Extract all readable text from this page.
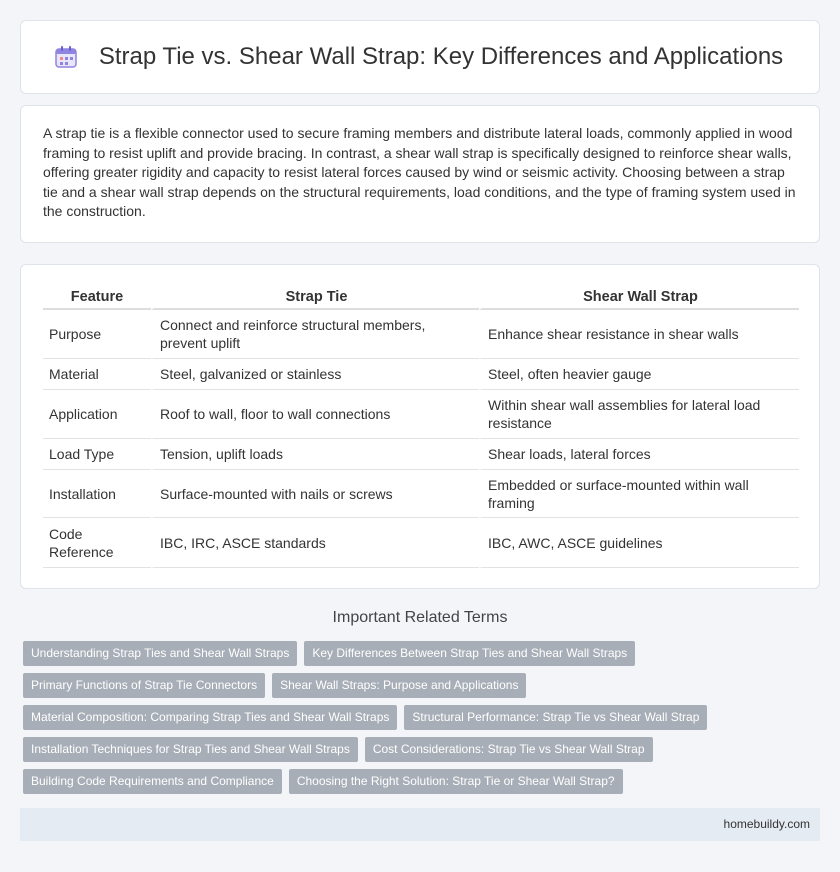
Strap Tie vs. Shear Wall Strap: Key Differences and Applications

A strap tie is a flexible connector used to secure framing members and distribute lateral loads, commonly applied in wood framing to resist uplift and provide bracing. In contrast, a shear wall strap is specifically designed to reinforce shear walls, offering greater rigidity and capacity to resist lateral forces caused by wind or seismic activity. Choosing between a strap tie and a shear wall strap depends on the structural requirements, load conditions, and the type of framing system used in the construction.

Feature	Strap Tie	Shear Wall Strap
Purpose	Connect and reinforce structural members, prevent uplift	Enhance shear resistance in shear walls
Material	Steel, galvanized or stainless	Steel, often heavier gauge
Application	Roof to wall, floor to wall connections	Within shear wall assemblies for lateral load resistance
Load Type	Tension, uplift loads	Shear loads, lateral forces
Installation	Surface-mounted with nails or screws	Embedded or surface-mounted within wall framing
Code Reference	IBC, IRC, ASCE standards	IBC, AWC, ASCE guidelines
Important Related Terms
Understanding Strap Ties and Shear Wall Straps	Key Differences Between Strap Ties and Shear Wall Straps
Primary Functions of Strap Tie Connectors	Shear Wall Straps: Purpose and Applications
Material Composition: Comparing Strap Ties and Shear Wall Straps	Structural Performance: Strap Tie vs Shear Wall Strap
Installation Techniques for Strap Ties and Shear Wall Straps	Cost Considerations: Strap Tie vs Shear Wall Strap
Building Code Requirements and Compliance	Choosing the Right Solution: Strap Tie or Shear Wall Strap?
homebuildy.com
